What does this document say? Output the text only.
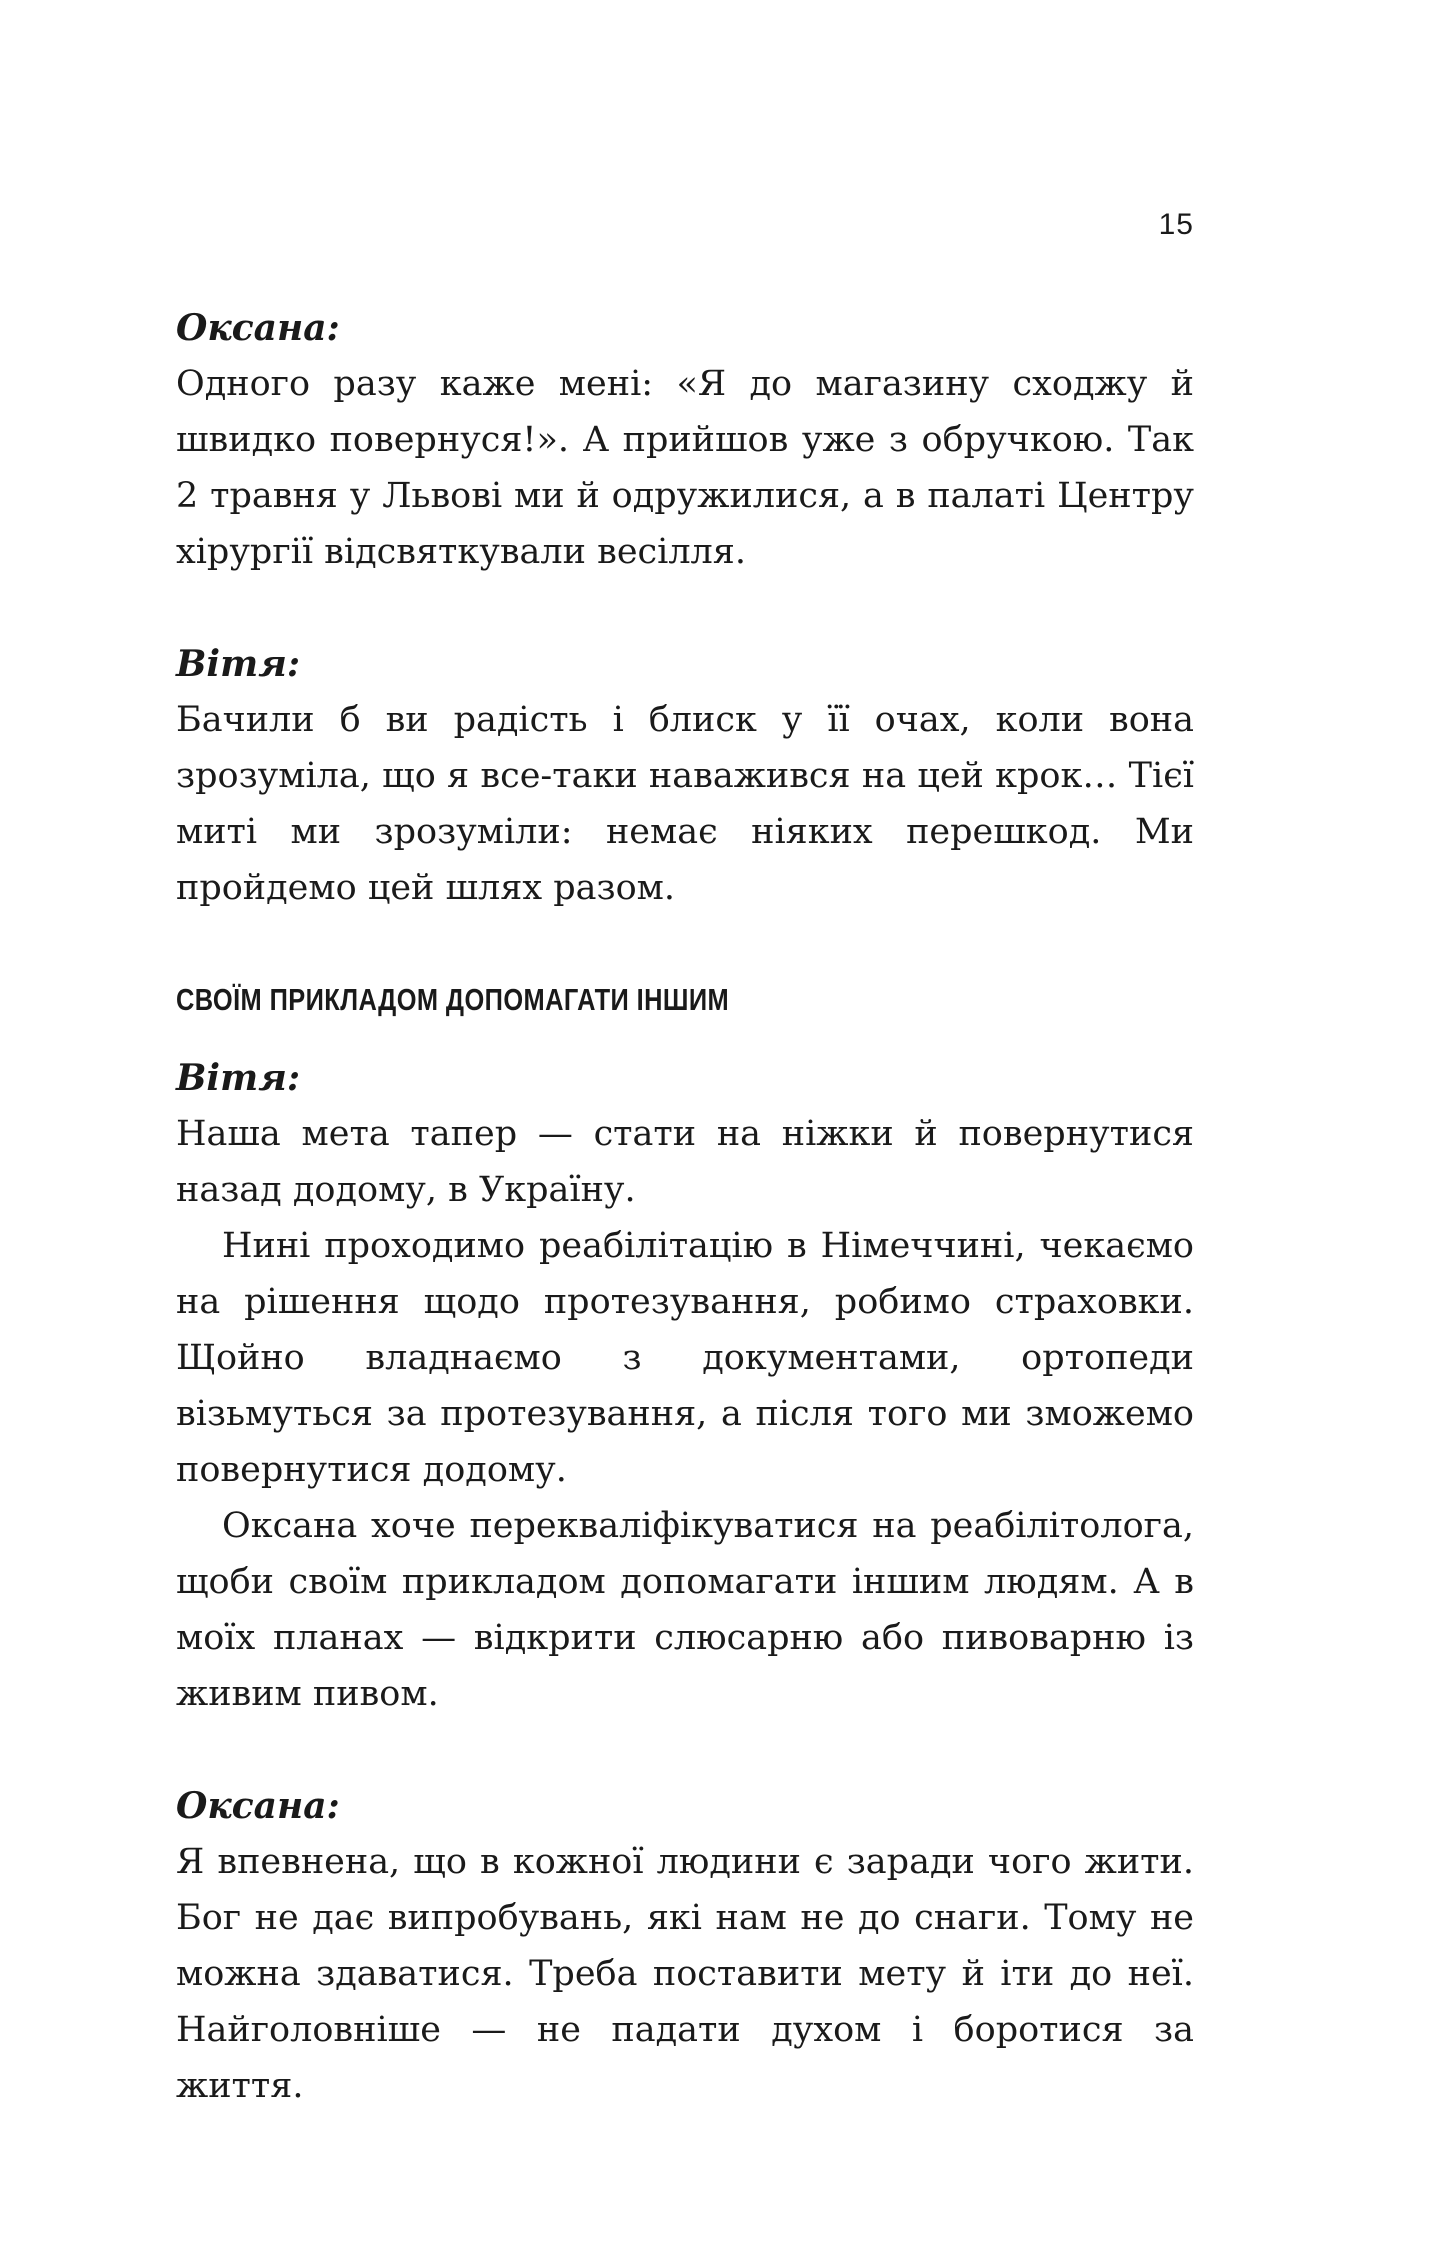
15

Оксана:

Одного разу каже мені: «Я до магазину сходжу й швидко повернуся!». А прийшов уже з обручкою. Так 2 травня у Львові ми й одружилися, а в палаті Центру хірургії відсвяткували весілля.

Вітя:

Бачили б ви радість і блиск у її очах, коли вона зрозуміла, що я все-таки наважився на цей крок… Тієї миті ми зрозуміли: немає ніяких перешкод. Ми пройдемо цей шлях разом.

СВОЇМ ПРИКЛАДОМ ДОПОМАГАТИ ІНШИМ

Вітя:

Наша мета тапер — стати на ніжки й повернутися назад додому, в Україну.

Нині проходимо реабілітацію в Німеччині, чекаємо на рішення щодо протезування, робимо страховки. Щойно владнаємо з документами, ортопеди візьмуться за протезування, а після того ми зможемо повернутися додому.

Оксана хоче перекваліфікуватися на реабілітолога, щоби своїм прикладом допомагати іншим людям. А в моїх планах — відкрити слюсарню або пивоварню із живим пивом.

Оксана:

Я впевнена, що в кожної людини є заради чого жити. Бог не дає випробувань, які нам не до снаги. Тому не можна здаватися. Треба поставити мету й іти до неї. Найголовніше — не падати духом і боротися за життя.
